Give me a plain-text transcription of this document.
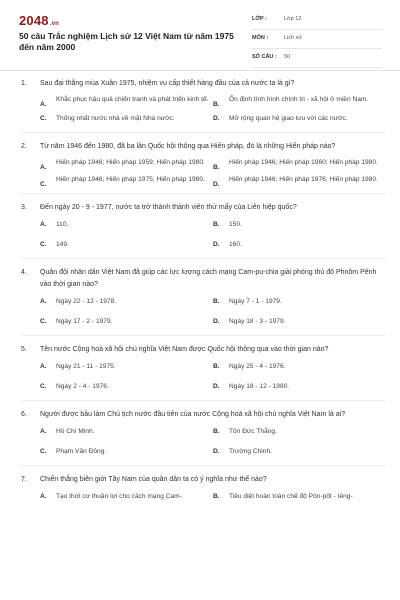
2048.vn
50 câu Trắc nghiệm Lịch sử 12 Việt Nam từ năm 1975 đến năm 2000
LỚP :	Lớp 12
MÔN :	Lịch sử
SỐ CÂU : 50
1. Sau đại thắng mùa Xuân 1975, nhiệm vụ cấp thiết hàng đầu của cả nước ta là gì?
A.
Khắc phục hậu quả chiến tranh và phát triển kinh tế.
B.
Ổn định tình hình chính trị - xã hội ở miền Nam.
C. Thống nhất nước nhà về mặt Nhà nước.	D. Mở rộng quan hệ giao lưu với các nước.
2. Từ năm 1946 đến 1980, đã ba lần Quốc hội thông qua Hiến pháp, đó là những Hiến pháp nào?
A.
Hiến pháp 1946; Hiến pháp 1959; Hiến pháp 1980.
B.
Hiến pháp 1946; Hiến pháp 1960; Hiến pháp 1980.
C.
Hiến pháp 1946; Hiến pháp 1975; Hiến pháp 1980.
D.
Hiến pháp 1946; Hiến pháp 1976; Hiến pháp 1980.
3. Đến ngày 20 - 9 - 1977, nước ta trở thành thành viên thứ mấy của Liên hiệp quốc?
A. 110.	B. 150.
C. 149.	D. 160.
4. Quân đội nhân dân Việt Nam đã giúp các lực lượng cách mạng Cam-pu-chia giải phóng thủ đô Phnôm Pênh vào thời gian nào?
A. Ngày 22 - 12 - 1978.	B. Ngày 7 - 1 - 1979.
C. Ngày 17 - 2 - 1979.	D. Ngày 18 - 3 - 1979.
5. Tên nước Cộng hoà xã hội chủ nghĩa Việt Nam được Quốc hội thông qua vào thời gian nào?
A. Ngày 21 - 11 - 1975.	B. Ngày 25 - 4 - 1976.
C. Ngày 2 - 4 - 1976.	D. Ngày 18 - 12 - 1980.
6. Người được bầu làm Chủ tịch nước đầu tiên của nước Cộng hoà xã hội chủ nghĩa Việt Nam là ai?
A. Hồ Chí Minh.	B. Tôn Đức Thắng.
C. Phạm Văn Đồng.	D. Trường Chinh.
7. Chiến thắng biên giới Tây Nam của quân dân ta có ý nghĩa như thế nào?
A. Tạo thời cơ thuận lợi cho cách mạng Cam-	B. Tiêu diệt hoàn toàn chế độ Pôn-pốt - Iêng-
